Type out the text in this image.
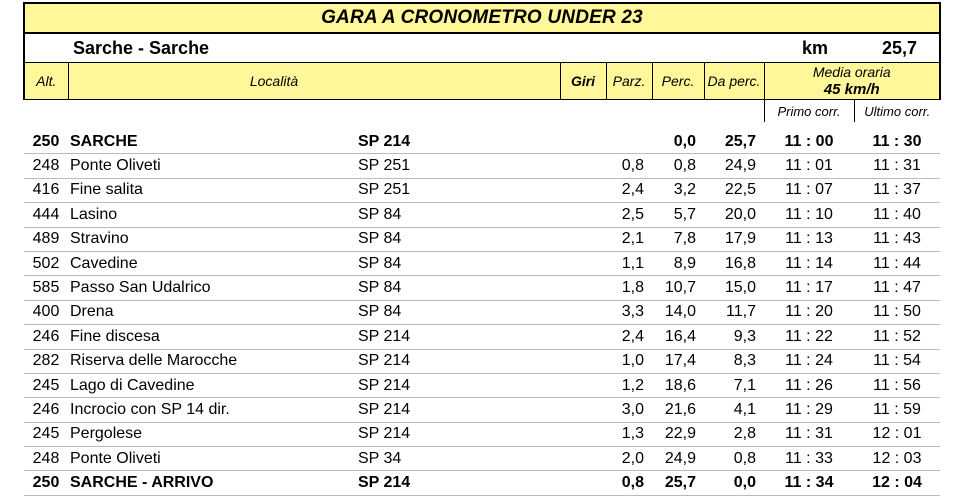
GARA A CRONOMETRO UNDER 23								
	Sarche - Sarche						km	25,7
Alt.	Località		Giri	Parz.	Perc.	Da perc.	Media oraria
45 km/h	

							Primo corr.	Ultimo corr.

250	SARCHE	SP 214			0,0	25,7	11 : 00	11 : 30
248	Ponte Oliveti	SP 251		0,8	0,8	24,9	11 : 01	11 : 31
416	Fine salita	SP 251		2,4	3,2	22,5	11 : 07	11 : 37
444	Lasino	SP 84		2,5	5,7	20,0	11 : 10	11 : 40
489	Stravino	SP 84		2,1	7,8	17,9	11 : 13	11 : 43
502	Cavedine	SP 84		1,1	8,9	16,8	11 : 14	11 : 44
585	Passo San Udalrico	SP 84		1,8	10,7	15,0	11 : 17	11 : 47
400	Drena	SP 84		3,3	14,0	11,7	11 : 20	11 : 50
246	Fine discesa	SP 214		2,4	16,4	9,3	11 : 22	11 : 52
282	Riserva delle Marocche	SP 214		1,0	17,4	8,3	11 : 24	11 : 54
245	Lago di Cavedine	SP 214		1,2	18,6	7,1	11 : 26	11 : 56
246	Incrocio con SP 14 dir.	SP 214		3,0	21,6	4,1	11 : 29	11 : 59
245	Pergolese	SP 214		1,3	22,9	2,8	11 : 31	12 : 01
248	Ponte Oliveti	SP 34		2,0	24,9	0,8	11 : 33	12 : 03
250	SARCHE - ARRIVO	SP 214		0,8	25,7	0,0	11 : 34	12 : 04
